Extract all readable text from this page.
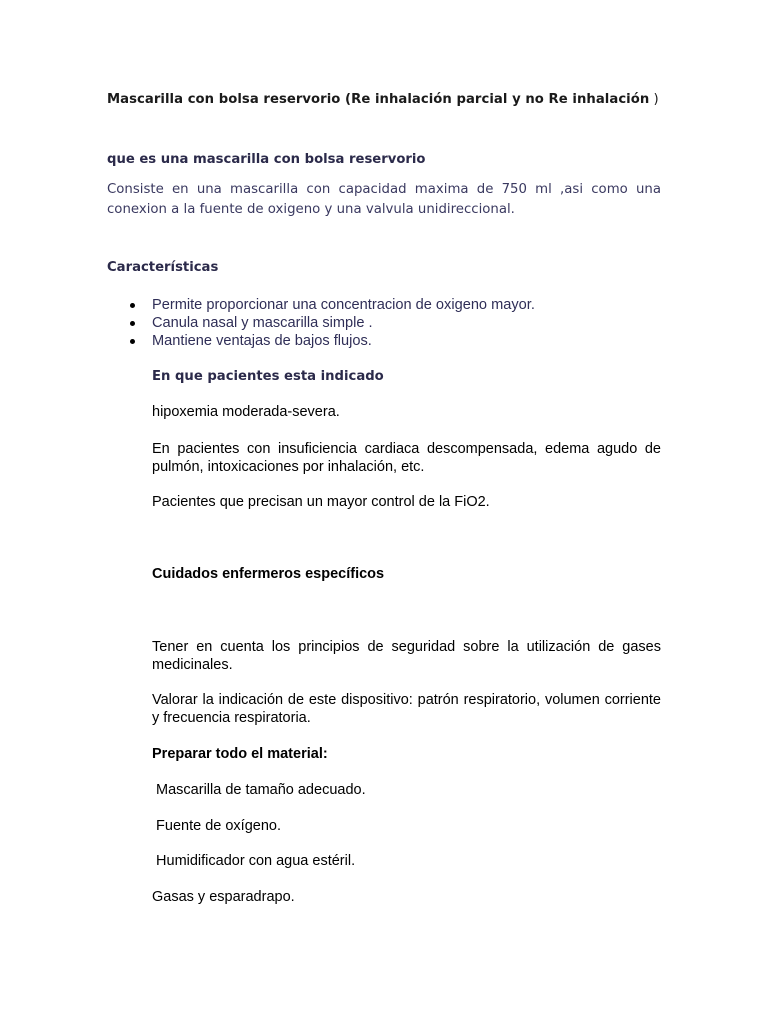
Mascarilla con bolsa reservorio (Re inhalación parcial y no Re inhalación )

que es una mascarilla con bolsa reservorio

Consiste en una mascarilla con capacidad maxima de 750 ml ,asi como una conexion a la fuente de oxigeno y una valvula unidireccional.

Características

Permite proporcionar una concentracion de oxigeno mayor.
Canula nasal y mascarilla simple .
Mantiene ventajas de bajos flujos.

En que pacientes esta indicado

hipoxemia moderada-severa.

En pacientes con insuficiencia cardiaca descompensada, edema agudo de pulmón, intoxicaciones por inhalación, etc.

Pacientes que precisan un mayor control de la FiO2.

Cuidados enfermeros específicos

Tener en cuenta los principios de seguridad sobre la utilización de gases medicinales.

Valorar la indicación de este dispositivo: patrón respiratorio, volumen corriente y frecuencia respiratoria.

Preparar todo el material:

Mascarilla de tamaño adecuado.

Fuente de oxígeno.

Humidificador con agua estéril.

Gasas y esparadrapo.
